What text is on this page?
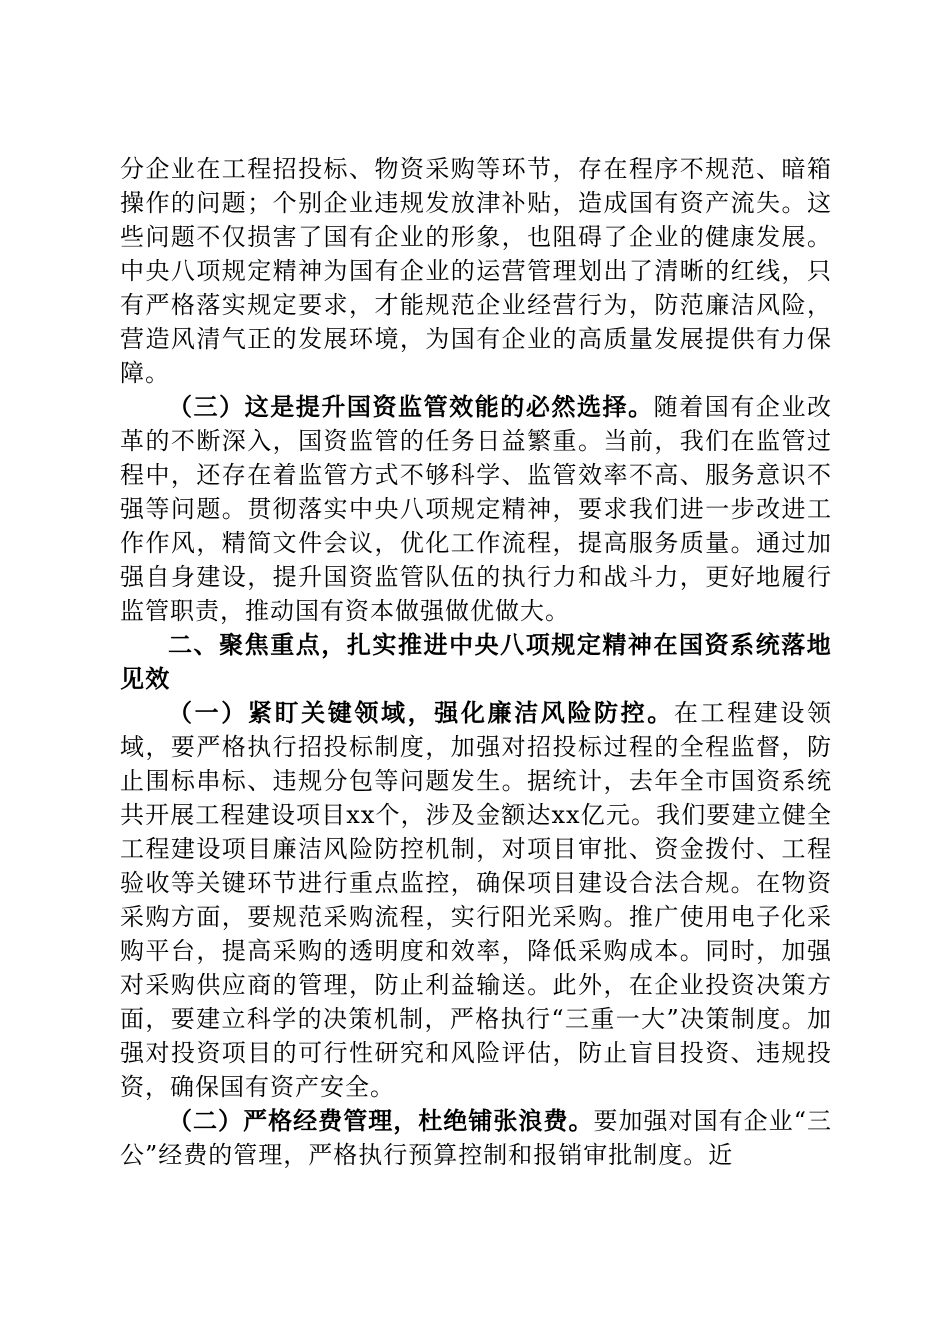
分企业在工程招投标、物资采购等环节，存在程序不规范、暗箱操作的问题；个别企业违规发放津补贴，造成国有资产流失。这些问题不仅损害了国有企业的形象，也阻碍了企业的健康发展。中央八项规定精神为国有企业的运营管理划出了清晰的红线，只有严格落实规定要求，才能规范企业经营行为，防范廉洁风险，营造风清气正的发展环境，为国有企业的高质量发展提供有力保障。

（三）这是提升国资监管效能的必然选择。随着国有企业改革的不断深入，国资监管的任务日益繁重。当前，我们在监管过程中，还存在着监管方式不够科学、监管效率不高、服务意识不强等问题。贯彻落实中央八项规定精神，要求我们进一步改进工作作风，精简文件会议，优化工作流程，提高服务质量。通过加强自身建设，提升国资监管队伍的执行力和战斗力，更好地履行监管职责，推动国有资本做强做优做大。

二、聚焦重点，扎实推进中央八项规定精神在国资系统落地见效

（一）紧盯关键领域，强化廉洁风险防控。在工程建设领域，要严格执行招投标制度，加强对招投标过程的全程监督，防止围标串标、违规分包等问题发生。据统计，去年全市国资系统共开展工程建设项目xx个，涉及金额达xx亿元。我们要建立健全工程建设项目廉洁风险防控机制，对项目审批、资金拨付、工程验收等关键环节进行重点监控，确保项目建设合法合规。在物资采购方面，要规范采购流程，实行阳光采购。推广使用电子化采购平台，提高采购的透明度和效率，降低采购成本。同时，加强对采购供应商的管理，防止利益输送。此外，在企业投资决策方面，要建立科学的决策机制，严格执行“三重一大”决策制度。加强对投资项目的可行性研究和风险评估，防止盲目投资、违规投资，确保国有资产安全。

（二）严格经费管理，杜绝铺张浪费。要加强对国有企业“三公”经费的管理，严格执行预算控制和报销审批制度。近
